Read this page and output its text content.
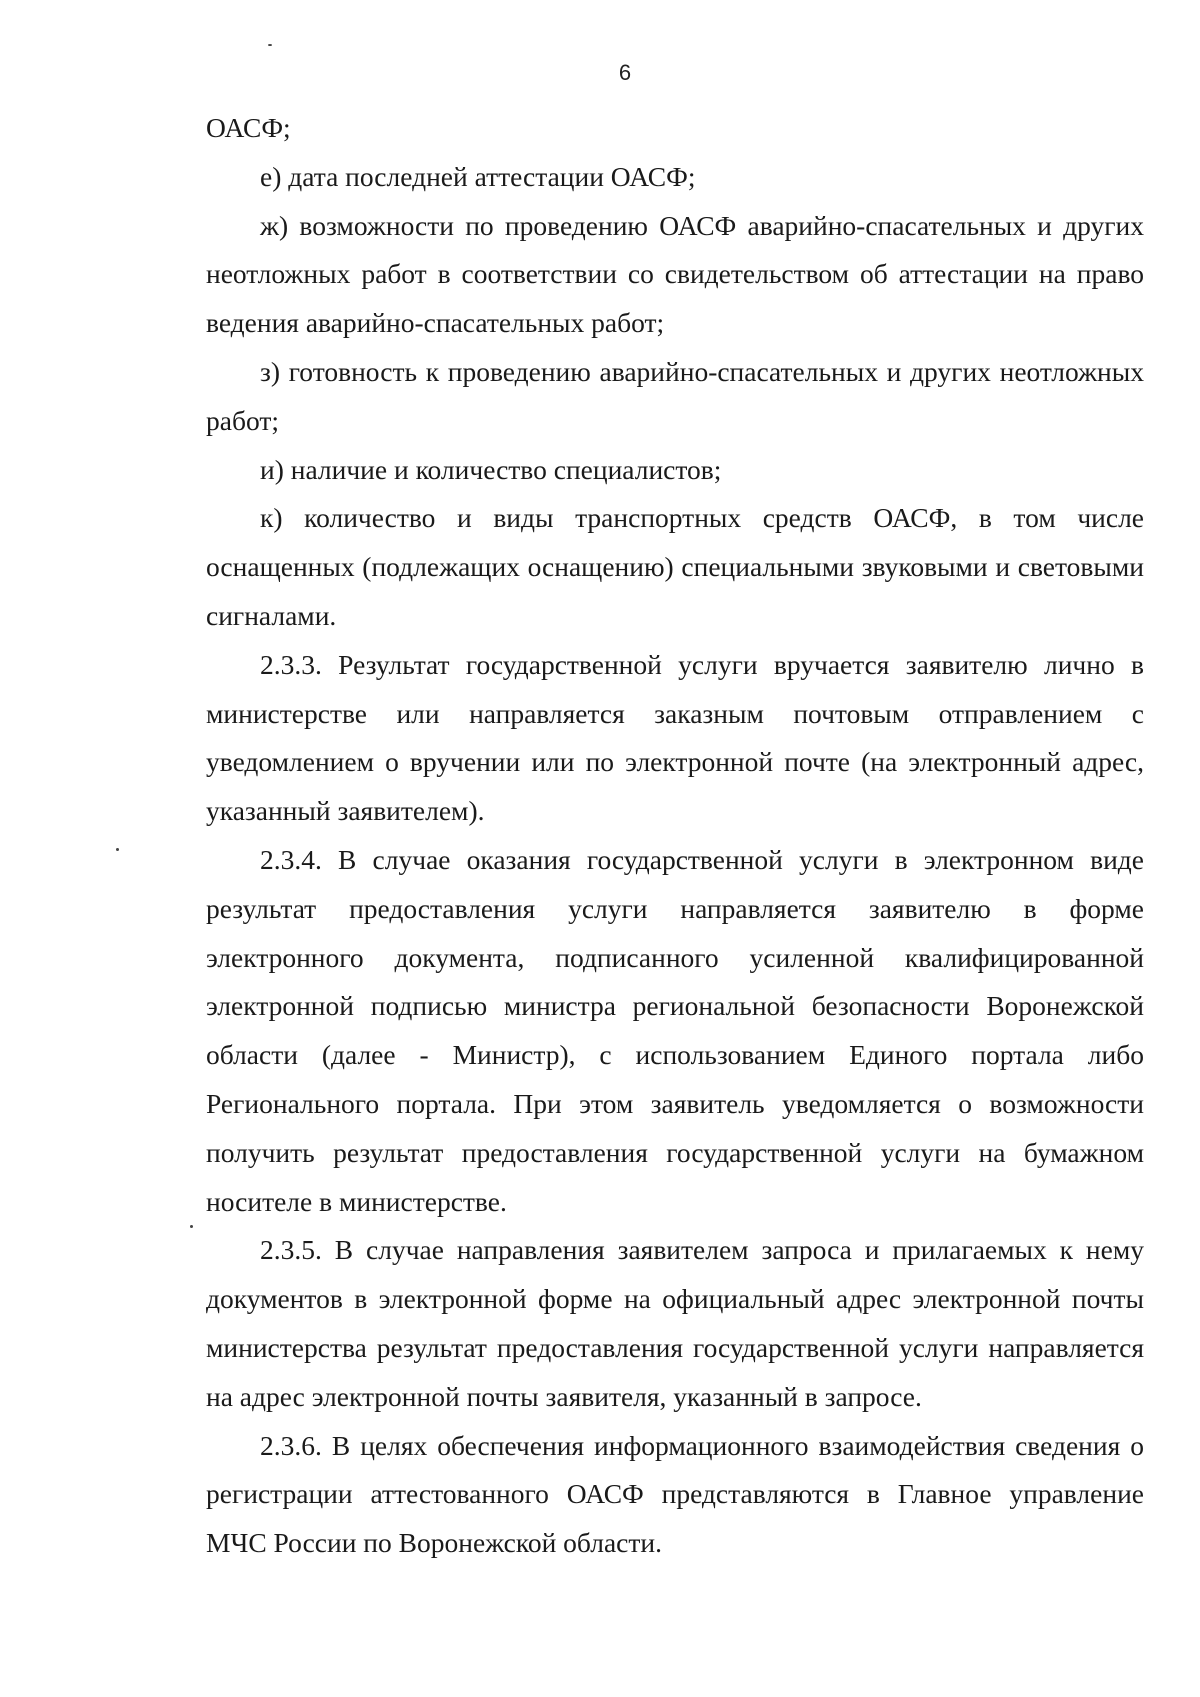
6

ОАСФ;

е) дата последней аттестации ОАСФ;

ж) возможности по проведению ОАСФ аварийно-спасательных и других неотложных работ в соответствии со свидетельством об аттестации на право ведения аварийно-спасательных работ;

з) готовность к проведению аварийно-спасательных и других неотложных работ;

и) наличие и количество специалистов;

к) количество и виды транспортных средств ОАСФ, в том числе оснащенных (подлежащих оснащению) специальными звуковыми и световыми сигналами.

2.3.3. Результат государственной услуги вручается заявителю лично в министерстве или направляется заказным почтовым отправлением с уведомлением о вручении или по электронной почте (на электронный адрес, указанный заявителем).

2.3.4. В случае оказания государственной услуги в электронном виде результат предоставления услуги направляется заявителю в форме электронного документа, подписанного усиленной квалифицированной электронной подписью министра региональной безопасности Воронежской области (далее - Министр), с использованием Единого портала либо Регионального портала. При этом заявитель уведомляется о возможности получить результат предоставления государственной услуги на бумажном носителе в министерстве.

2.3.5. В случае направления заявителем запроса и прилагаемых к нему документов в электронной форме на официальный адрес электронной почты министерства результат предоставления государственной услуги направляется на адрес электронной почты заявителя, указанный в запросе.

2.3.6. В целях обеспечения информационного взаимодействия сведения о регистрации аттестованного ОАСФ представляются в Главное управление МЧС России по Воронежской области.
